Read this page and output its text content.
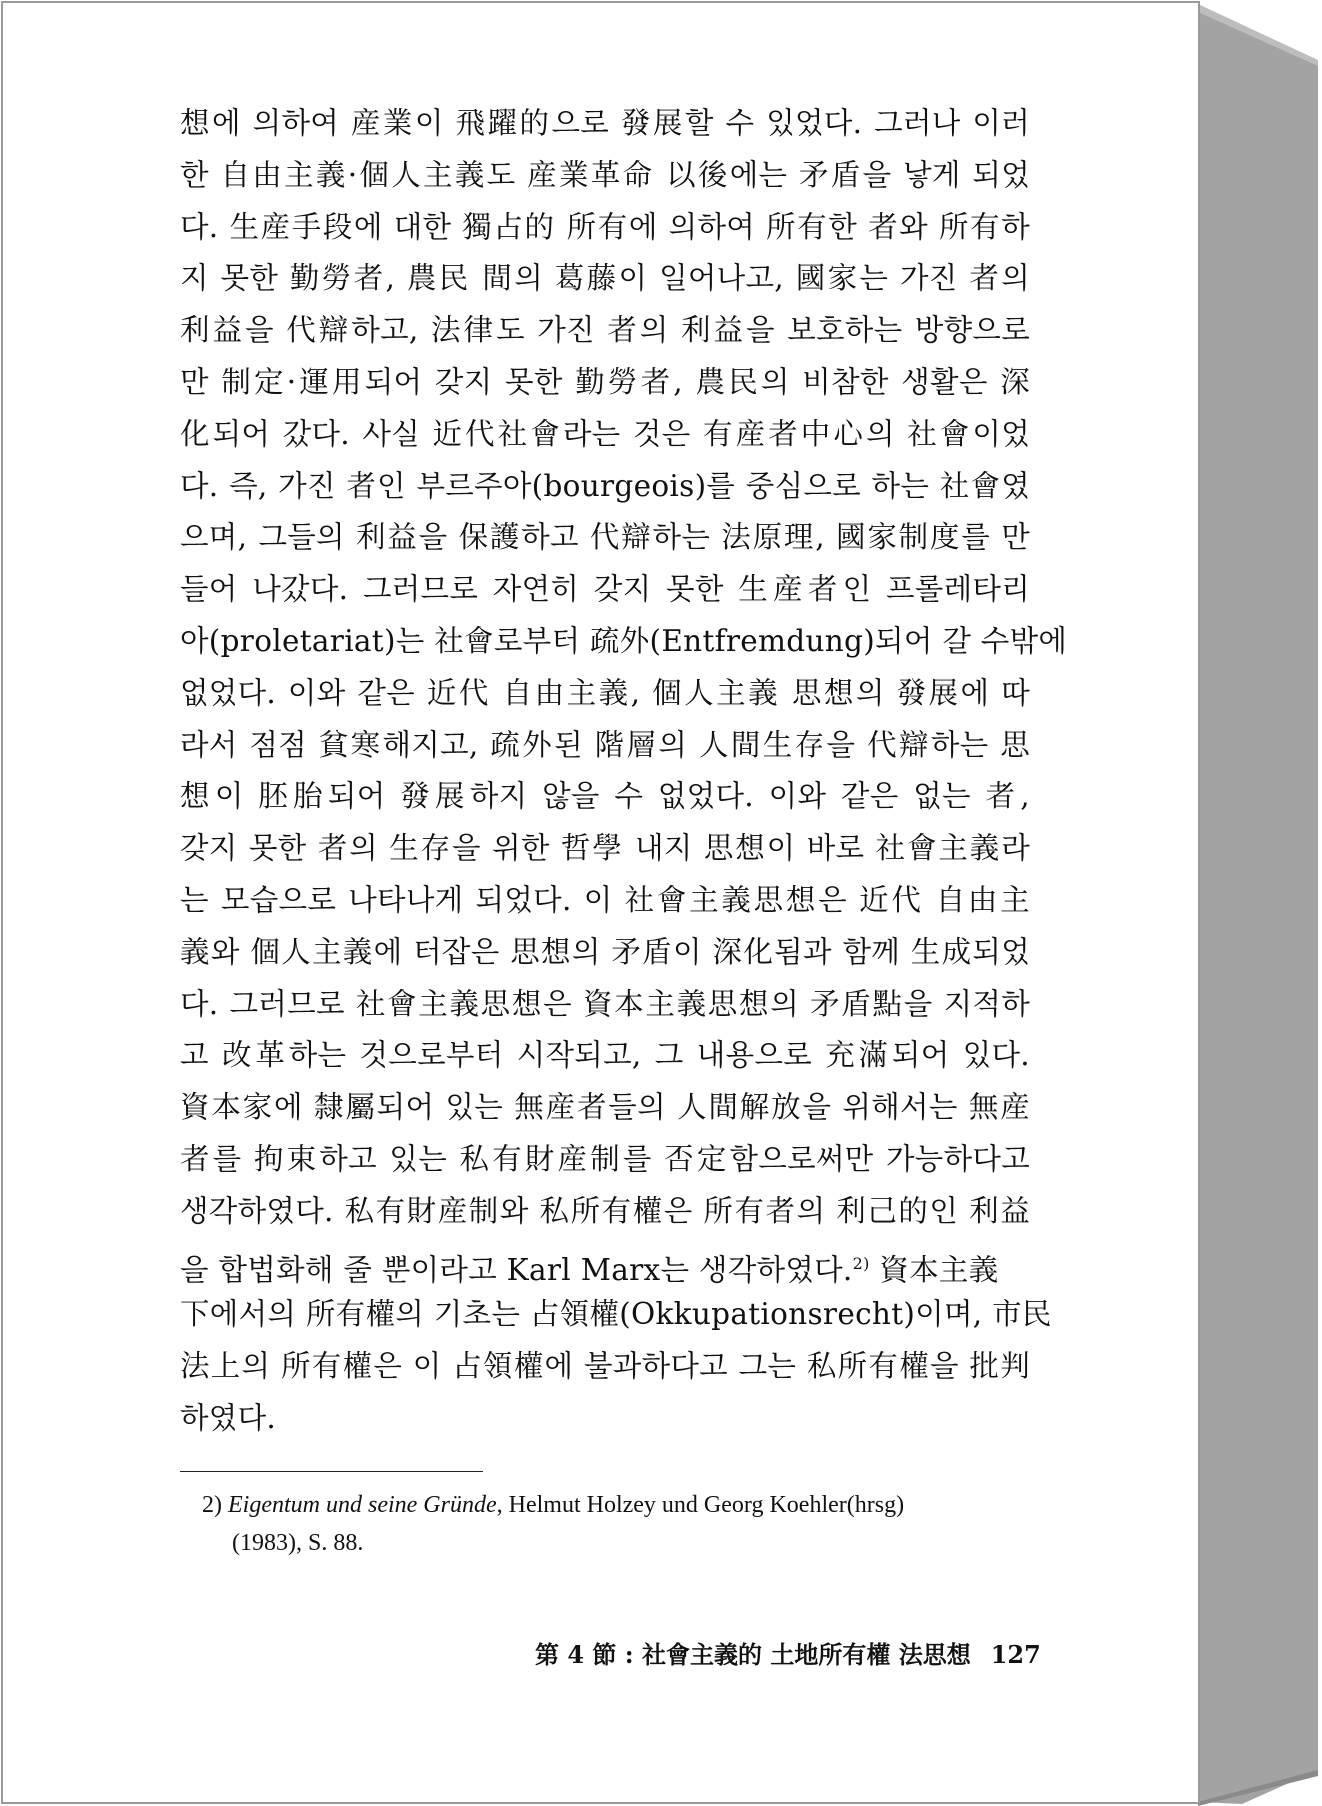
想에 의하여 産業이 飛躍的으로 發展할 수 있었다. 그러나 이러
한 自由主義·個人主義도 産業革命 以後에는 矛盾을 낳게 되었
다. 生産手段에 대한 獨占的 所有에 의하여 所有한 者와 所有하
지 못한 勤勞者, 農民 間의 葛藤이 일어나고, 國家는 가진 者의
利益을 代辯하고, 法律도 가진 者의 利益을 보호하는 방향으로
만 制定·運用되어 갖지 못한 勤勞者, 農民의 비참한 생활은 深
化되어 갔다. 사실 近代社會라는 것은 有産者中心의 社會이었
다. 즉, 가진 者인 부르주아(bourgeois)를 중심으로 하는 社會였
으며, 그들의 利益을 保護하고 代辯하는 法原理, 國家制度를 만
들어 나갔다. 그러므로 자연히 갖지 못한 生産者인 프롤레타리
아(proletariat)는 社會로부터 疏外(Entfremdung)되어 갈 수밖에
없었다. 이와 같은 近代 自由主義, 個人主義 思想의 發展에 따
라서 점점 貧寒해지고, 疏外된 階層의 人間生存을 代辯하는 思
想이 胚胎되어 發展하지 않을 수 없었다. 이와 같은 없는 者,
갖지 못한 者의 生存을 위한 哲學 내지 思想이 바로 社會主義라
는 모습으로 나타나게 되었다. 이 社會主義思想은 近代 自由主
義와 個人主義에 터잡은 思想의 矛盾이 深化됨과 함께 生成되었
다. 그러므로 社會主義思想은 資本主義思想의 矛盾點을 지적하
고 改革하는 것으로부터 시작되고, 그 내용으로 充滿되어 있다.
資本家에 隸屬되어 있는 無産者들의 人間解放을 위해서는 無産
者를 拘束하고 있는 私有財産制를 否定함으로써만 가능하다고
생각하였다. 私有財産制와 私所有權은 所有者의 利己的인 利益
을 합법화해 줄 뿐이라고 Karl Marx는 생각하였다.$^{2)}$ 資本主義
下에서의 所有權의 기초는 占領權(Okkupationsrecht)이며, 市民
法上의 所有權은 이 占領權에 불과하다고 그는 私所有權을 批判
하였다.
2) Eigentum und seine Gründe, Helmut Holzey und Georg Koehler(hrsg)
(1983), S. 88.
第 4 節 : 社會主義的 土地所有權 法思想 127
